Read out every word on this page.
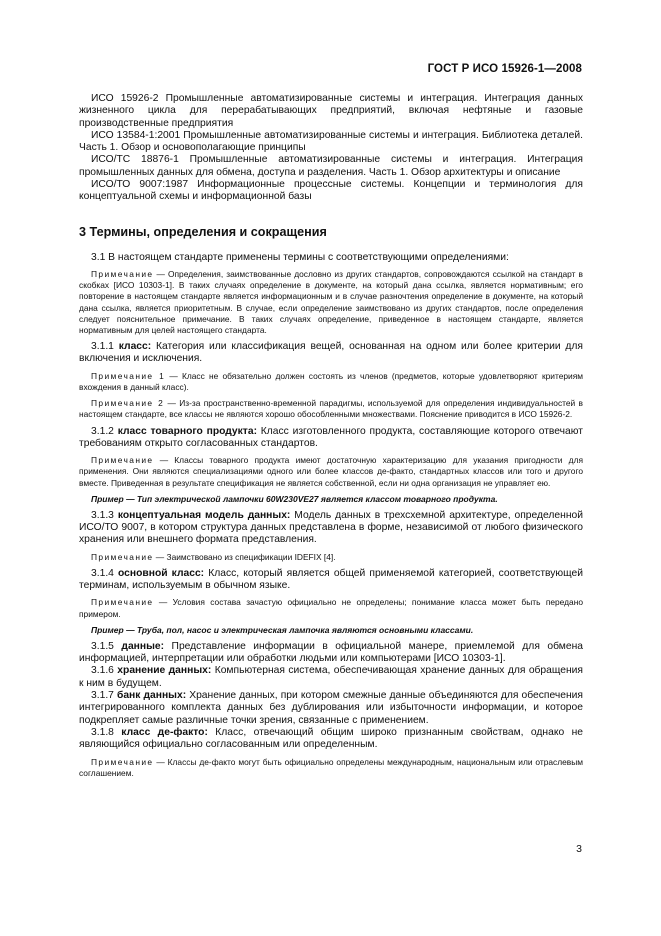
ГОСТ Р ИСО 15926-1—2008

ИСО 15926-2 Промышленные автоматизированные системы и интеграция. Интеграция данных жизненного цикла для перерабатывающих предприятий, включая нефтяные и газовые производственные предприятия

ИСО 13584-1:2001 Промышленные автоматизированные системы и интеграция. Библиотека деталей. Часть 1. Обзор и основополагающие принципы

ИСО/ТС 18876-1 Промышленные автоматизированные системы и интеграция. Интеграция промышленных данных для обмена, доступа и разделения. Часть 1. Обзор архитектуры и описание

ИСО/ТО 9007:1987 Информационные процессные системы. Концепции и терминология для концептуальной схемы и информационной базы

3 Термины, определения и сокращения

3.1 В настоящем стандарте применены термины с соответствующими определениями:

Примечание — Определения, заимствованные дословно из других стандартов, сопровождаются ссылкой на стандарт в скобках [ИСО 10303-1]. В таких случаях определение в документе, на который дана ссылка, является нормативным; его повторение в настоящем стандарте является информационным и в случае разночтения определение в документе, на который дана ссылка, является приоритетным. В случае, если определение заимствовано из других стандартов, после определения следует пояснительное примечание. В таких случаях определение, приведенное в настоящем стандарте, является нормативным для целей настоящего стандарта.

3.1.1 класс: Категория или классификация вещей, основанная на одном или более критерии для включения и исключения.

Примечание 1 — Класс не обязательно должен состоять из членов (предметов, которые удовлетворяют критериям вхождения в данный класс).

Примечание 2 — Из-за пространственно-временной парадигмы, используемой для определения индивидуальностей в настоящем стандарте, все классы не являются хорошо обособленными множествами. Пояснение приводится в ИСО 15926-2.

3.1.2 класс товарного продукта: Класс изготовленного продукта, составляющие которого отвечают требованиям открыто согласованных стандартов.

Примечание — Классы товарного продукта имеют достаточную характеризацию для указания пригодности для применения. Они являются специализациями одного или более классов де-факто, стандартных классов или того и другого вместе. Приведенная в результате спецификация не является собственной, если ни одна организация не управляет ею.

Пример — Тип электрической лампочки 60W230VE27 является классом товарного продукта.

3.1.3 концептуальная модель данных: Модель данных в трехсхемной архитектуре, определенной ИСО/ТО 9007, в котором структура данных представлена в форме, независимой от любого физического хранения или внешнего формата представления.

Примечание — Заимствовано из спецификации IDEFIX [4].

3.1.4 основной класс: Класс, который является общей применяемой категорией, соответствующей терминам, используемым в обычном языке.

Примечание — Условия состава зачастую официально не определены; понимание класса может быть передано примером.

Пример — Труба, пол, насос и электрическая лампочка являются основными классами.

3.1.5 данные: Представление информации в официальной манере, приемлемой для обмена информацией, интерпретации или обработки людьми или компьютерами [ИСО 10303-1].

3.1.6 хранение данных: Компьютерная система, обеспечивающая хранение данных для обращения к ним в будущем.

3.1.7 банк данных: Хранение данных, при котором смежные данные объединяются для обеспечения интегрированного комплекта данных без дублирования или избыточности информации, и которое подкрепляет самые различные точки зрения, связанные с применением.

3.1.8 класс де-факто: Класс, отвечающий общим широко признанным свойствам, однако не являющийся официально согласованным или определенным.

Примечание — Классы де-факто могут быть официально определены международным, национальным или отраслевым соглашением.

3
